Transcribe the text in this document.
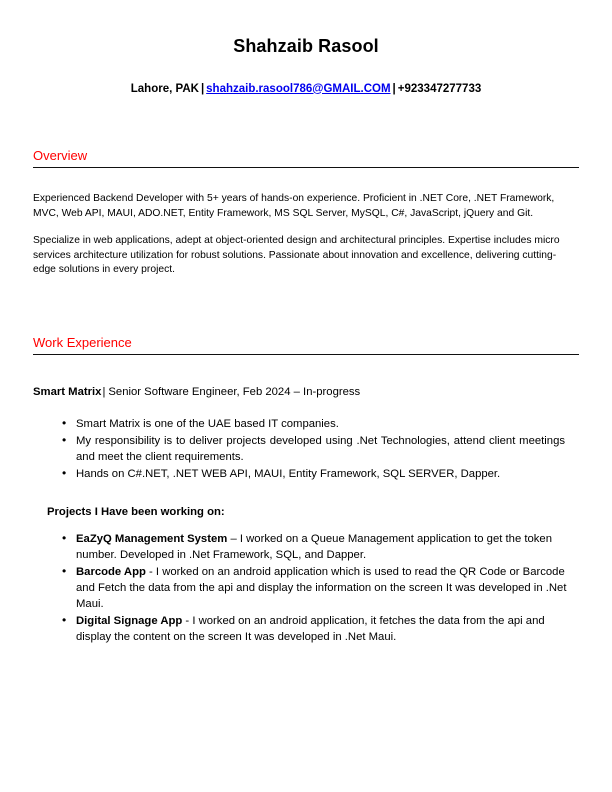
Shahzaib Rasool

Lahore, PAK | shahzaib.rasool786@GMAIL.COM | +923347277733

Overview

Experienced Backend Developer with 5+ years of hands-on experience. Proficient in .NET Core, .NET Framework, MVC, Web API, MAUI, ADO.NET, Entity Framework, MS SQL Server, MySQL, C#, JavaScript, jQuery and Git.

Specialize in web applications, adept at object-oriented design and architectural principles. Expertise includes micro services architecture utilization for robust solutions. Passionate about innovation and excellence, delivering cutting-edge solutions in every project.

Work Experience

Smart Matrix| Senior Software Engineer, Feb 2024 – In-progress

• Smart Matrix is one of the UAE based IT companies.
• My responsibility is to deliver projects developed using .Net Technologies, attend client meetings and meet the client requirements.
• Hands on C#.NET, .NET WEB API, MAUI, Entity Framework, SQL SERVER, Dapper.

Projects I Have been working on:

• EaZyQ Management System – I worked on a Queue Management application to get the token number. Developed in .Net Framework, SQL, and Dapper.
• Barcode App - I worked on an android application which is used to read the QR Code or Barcode and Fetch the data from the api and display the information on the screen It was developed in .Net Maui.
• Digital Signage App - I worked on an android application, it fetches the data from the api and display the content on the screen It was developed in .Net Maui.
